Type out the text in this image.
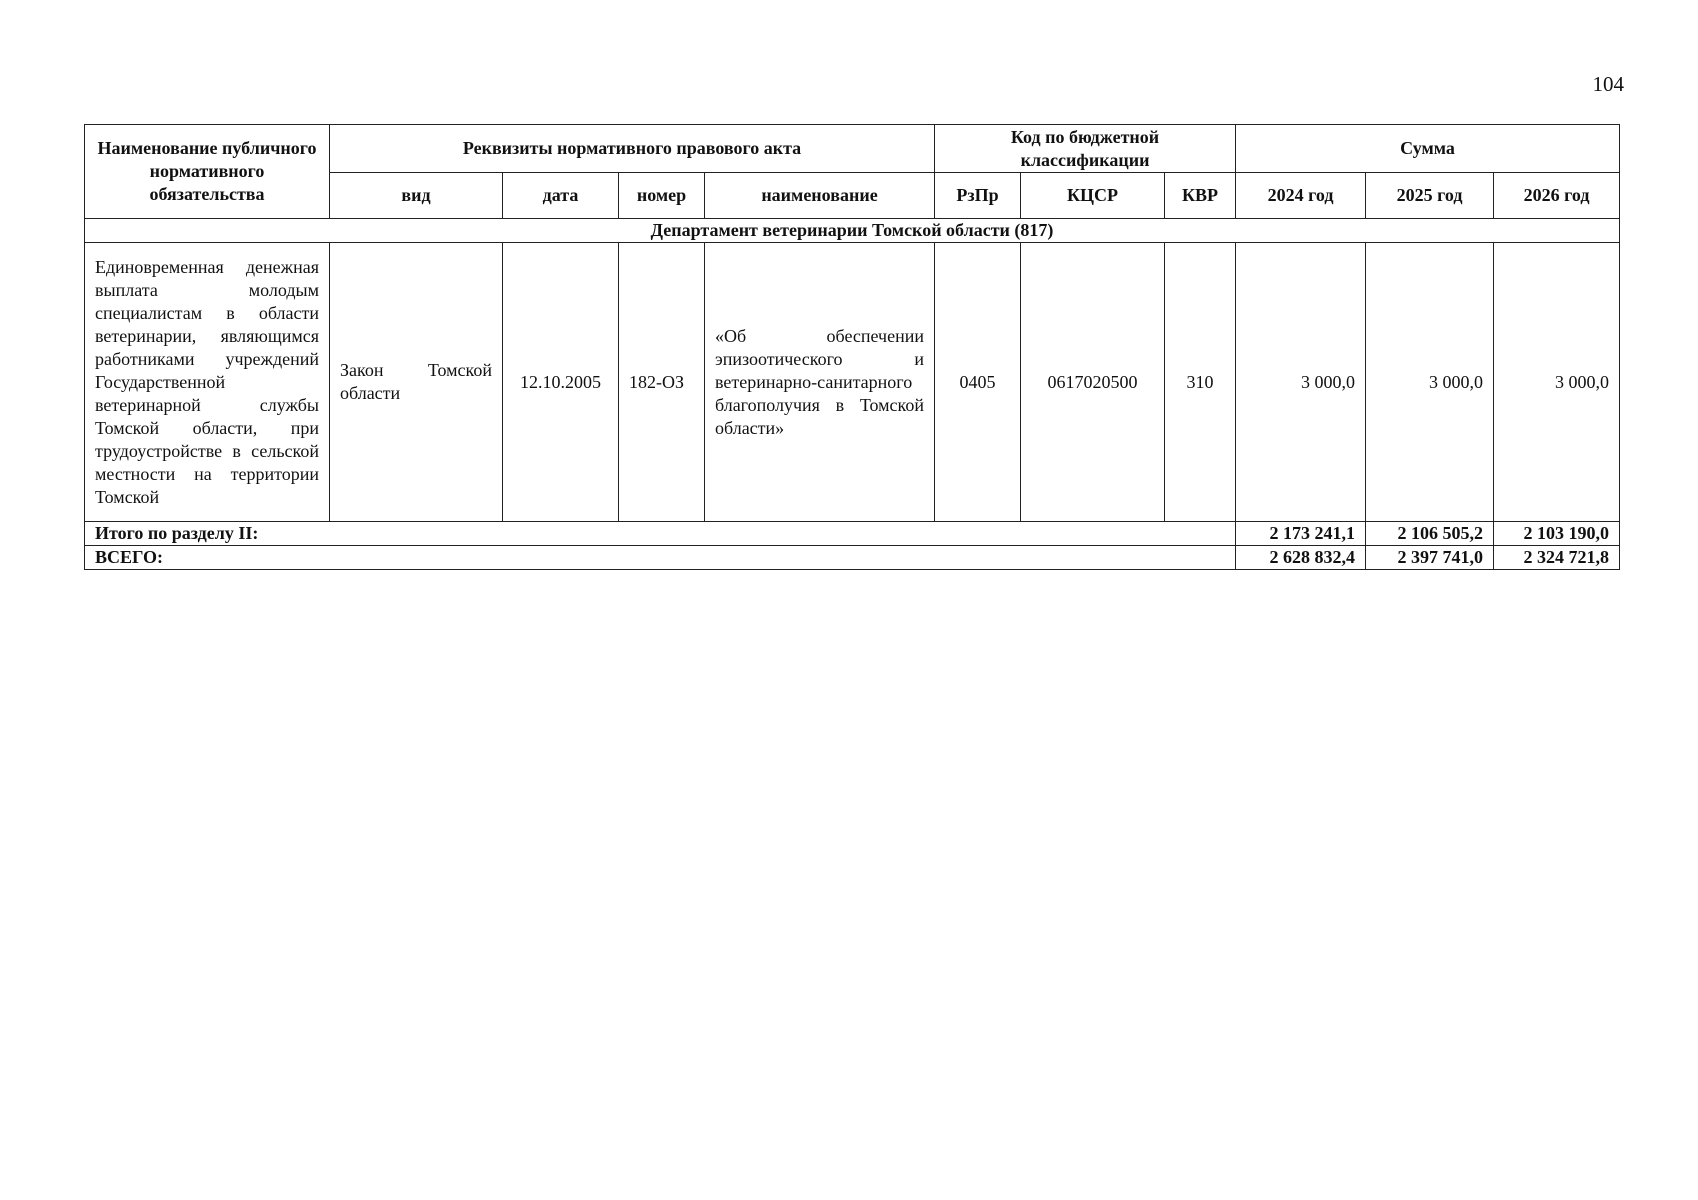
104
Наименование публичного нормативного обязательства	Реквизиты нормативного правового акта				Код по бюджетной классификации			Сумма		
	вид	дата	номер	наименование	РзПр	КЦСР	КВР	2024 год	2025 год	2026 год
Департамент ветеринарии Томской области (817)										
Единовременная денежная выплата молодым специалистам в области ветеринарии, являющимся работниками учреждений Государственной ветеринарной службы Томской области, при трудоустройстве в сельской местности на территории Томской	Закон Томской области	12.10.2005	182-ОЗ	«Об обеспечении эпизоотического и ветеринарно-санитарного благополучия в Томской области»	0405	0617020500	310	3 000,0	3 000,0	3 000,0
Итого по разделу II:								2 173 241,1	2 106 505,2	2 103 190,0
ВСЕГО:								2 628 832,4	2 397 741,0	2 324 721,8
